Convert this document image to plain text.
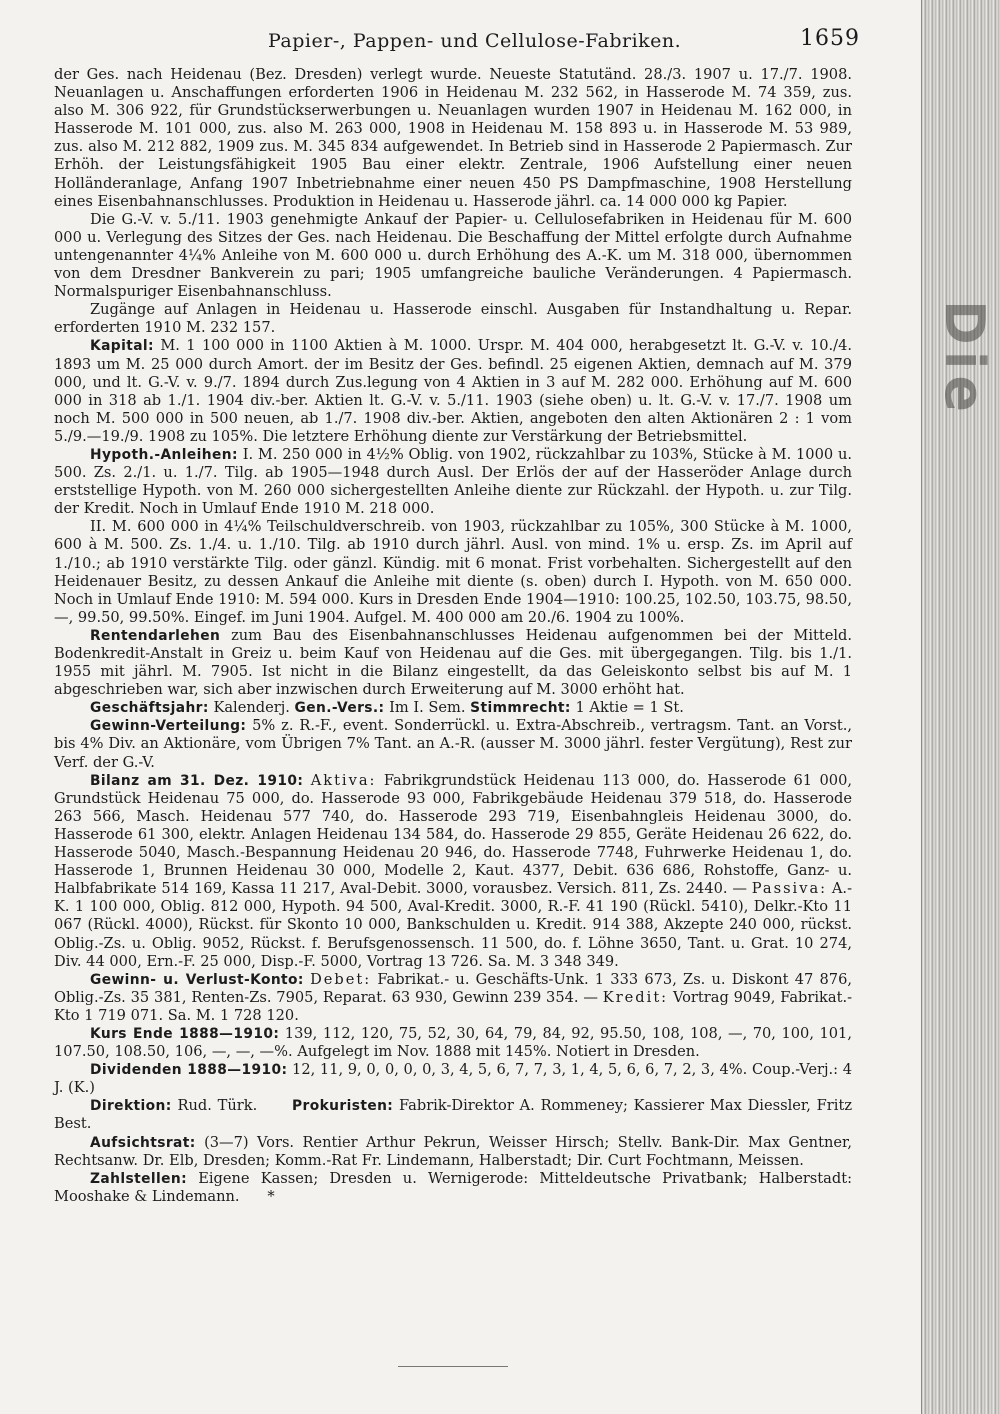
Papier-, Pappen- und Cellulose-Fabriken.	1659

der Ges. nach Heidenau (Bez. Dresden) verlegt wurde. Neueste Statutänd. 28./3. 1907 u. 17./7. 1908. Neuanlagen u. Anschaffungen erforderten 1906 in Heidenau M. 232 562, in Hasserode M. 74 359, zus. also M. 306 922, für Grundstückserwerbungen u. Neuanlagen wurden 1907 in Heidenau M. 162 000, in Hasserode M. 101 000, zus. also M. 263 000, 1908 in Heidenau M. 158 893 u. in Hasserode M. 53 989, zus. also M. 212 882, 1909 zus. M. 345 834 aufgewendet. In Betrieb sind in Hasserode 2 Papiermasch. Zur Erhöh. der Leistungsfähigkeit 1905 Bau einer elektr. Zentrale, 1906 Aufstellung einer neuen Holländeranlage, Anfang 1907 Inbetriebnahme einer neuen 450 PS Dampfmaschine, 1908 Herstellung eines Eisenbahnanschlusses. Produktion in Heidenau u. Hasserode jährl. ca. 14 000 000 kg Papier.

Die G.-V. v. 5./11. 1903 genehmigte Ankauf der Papier- u. Cellulosefabriken in Heidenau für M. 600 000 u. Verlegung des Sitzes der Ges. nach Heidenau. Die Beschaffung der Mittel erfolgte durch Aufnahme untengenannter 4¼% Anleihe von M. 600 000 u. durch Erhöhung des A.-K. um M. 318 000, übernommen von dem Dresdner Bankverein zu pari; 1905 umfangreiche bauliche Veränderungen. 4 Papiermasch. Normalspuriger Eisenbahnanschluss.

Zugänge auf Anlagen in Heidenau u. Hasserode einschl. Ausgaben für Instandhaltung u. Repar. erforderten 1910 M. 232 157.

Kapital: M. 1 100 000 in 1100 Aktien à M. 1000. Urspr. M. 404 000, herabgesetzt lt. G.-V. v. 10./4. 1893 um M. 25 000 durch Amort. der im Besitz der Ges. befindl. 25 eigenen Aktien, demnach auf M. 379 000, und lt. G.-V. v. 9./7. 1894 durch Zus.legung von 4 Aktien in 3 auf M. 282 000. Erhöhung auf M. 600 000 in 318 ab 1./1. 1904 div.-ber. Aktien lt. G.-V. v. 5./11. 1903 (siehe oben) u. lt. G.-V. v. 17./7. 1908 um noch M. 500 000 in 500 neuen, ab 1./7. 1908 div.-ber. Aktien, angeboten den alten Aktionären 2 : 1 vom 5./9.—19./9. 1908 zu 105%. Die letztere Erhöhung diente zur Verstärkung der Betriebsmittel.

Hypoth.-Anleihen: I. M. 250 000 in 4½% Oblig. von 1902, rückzahlbar zu 103%, Stücke à M. 1000 u. 500. Zs. 2./1. u. 1./7. Tilg. ab 1905—1948 durch Ausl. Der Erlös der auf der Hasseröder Anlage durch erststellige Hypoth. von M. 260 000 sichergestellten Anleihe diente zur Rückzahl. der Hypoth. u. zur Tilg. der Kredit. Noch in Umlauf Ende 1910 M. 218 000.

II. M. 600 000 in 4¼% Teilschuldverschreib. von 1903, rückzahlbar zu 105%, 300 Stücke à M. 1000, 600 à M. 500. Zs. 1./4. u. 1./10. Tilg. ab 1910 durch jährl. Ausl. von mind. 1% u. ersp. Zs. im April auf 1./10.; ab 1910 verstärkte Tilg. oder gänzl. Kündig. mit 6 monat. Frist vorbehalten. Sichergestellt auf den Heidenauer Besitz, zu dessen Ankauf die Anleihe mit diente (s. oben) durch I. Hypoth. von M. 650 000. Noch in Umlauf Ende 1910: M. 594 000. Kurs in Dresden Ende 1904—1910: 100.25, 102.50, 103.75, 98.50, —, 99.50, 99.50%. Eingef. im Juni 1904. Aufgel. M. 400 000 am 20./6. 1904 zu 100%.

Rentendarlehen zum Bau des Eisenbahnanschlusses Heidenau aufgenommen bei der Mitteld. Bodenkredit-Anstalt in Greiz u. beim Kauf von Heidenau auf die Ges. mit übergegangen. Tilg. bis 1./1. 1955 mit jährl. M. 7905. Ist nicht in die Bilanz eingestellt, da das Geleiskonto selbst bis auf M. 1 abgeschrieben war, sich aber inzwischen durch Erweiterung auf M. 3000 erhöht hat.

Geschäftsjahr: Kalenderj. Gen.-Vers.: Im I. Sem. Stimmrecht: 1 Aktie = 1 St.

Gewinn-Verteilung: 5% z. R.-F., event. Sonderrückl. u. Extra-Abschreib., vertragsm. Tant. an Vorst., bis 4% Div. an Aktionäre, vom Übrigen 7% Tant. an A.-R. (ausser M. 3000 jährl. fester Vergütung), Rest zur Verf. der G.-V.

Bilanz am 31. Dez. 1910: Aktiva: Fabrikgrundstück Heidenau 113 000, do. Hasserode 61 000, Grundstück Heidenau 75 000, do. Hasserode 93 000, Fabrikgebäude Heidenau 379 518, do. Hasserode 263 566, Masch. Heidenau 577 740, do. Hasserode 293 719, Eisenbahngleis Heidenau 3000, do. Hasserode 61 300, elektr. Anlagen Heidenau 134 584, do. Hasserode 29 855, Geräte Heidenau 26 622, do. Hasserode 5040, Masch.-Bespannung Heidenau 20 946, do. Hasserode 7748, Fuhrwerke Heidenau 1, do. Hasserode 1, Brunnen Heidenau 30 000, Modelle 2, Kaut. 4377, Debit. 636 686, Rohstoffe, Ganz- u. Halbfabrikate 514 169, Kassa 11 217, Aval-Debit. 3000, vorausbez. Versich. 811, Zs. 2440. — Passiva: A.-K. 1 100 000, Oblig. 812 000, Hypoth. 94 500, Aval-Kredit. 3000, R.-F. 41 190 (Rückl. 5410), Delkr.-Kto 11 067 (Rückl. 4000), Rückst. für Skonto 10 000, Bankschulden u. Kredit. 914 388, Akzepte 240 000, rückst. Oblig.-Zs. u. Oblig. 9052, Rückst. f. Berufsgenossensch. 11 500, do. f. Löhne 3650, Tant. u. Grat. 10 274, Div. 44 000, Ern.-F. 25 000, Disp.-F. 5000, Vortrag 13 726. Sa. M. 3 348 349.

Gewinn- u. Verlust-Konto: Debet: Fabrikat.- u. Geschäfts-Unk. 1 333 673, Zs. u. Diskont 47 876, Oblig.-Zs. 35 381, Renten-Zs. 7905, Reparat. 63 930, Gewinn 239 354. — Kredit: Vortrag 9049, Fabrikat.-Kto 1 719 071. Sa. M. 1 728 120.

Kurs Ende 1888—1910: 139, 112, 120, 75, 52, 30, 64, 79, 84, 92, 95.50, 108, 108, —, 70, 100, 101, 107.50, 108.50, 106, —, —, —%. Aufgelegt im Nov. 1888 mit 145%. Notiert in Dresden.

Dividenden 1888—1910: 12, 11, 9, 0, 0, 0, 0, 3, 4, 5, 6, 7, 7, 3, 1, 4, 5, 6, 6, 7, 2, 3, 4%. Coup.-Verj.: 4 J. (K.)

Direktion: Rud. Türk.	Prokuristen: Fabrik-Direktor A. Rommeney; Kassierer Max Diessler, Fritz Best.

Aufsichtsrat: (3—7) Vors. Rentier Arthur Pekrun, Weisser Hirsch; Stellv. Bank-Dir. Max Gentner, Rechtsanw. Dr. Elb, Dresden; Komm.-Rat Fr. Lindemann, Halberstadt; Dir. Curt Fochtmann, Meissen.

Zahlstellen: Eigene Kassen; Dresden u. Wernigerode: Mitteldeutsche Privatbank; Halberstadt: Mooshake & Lindemann. *

Die
